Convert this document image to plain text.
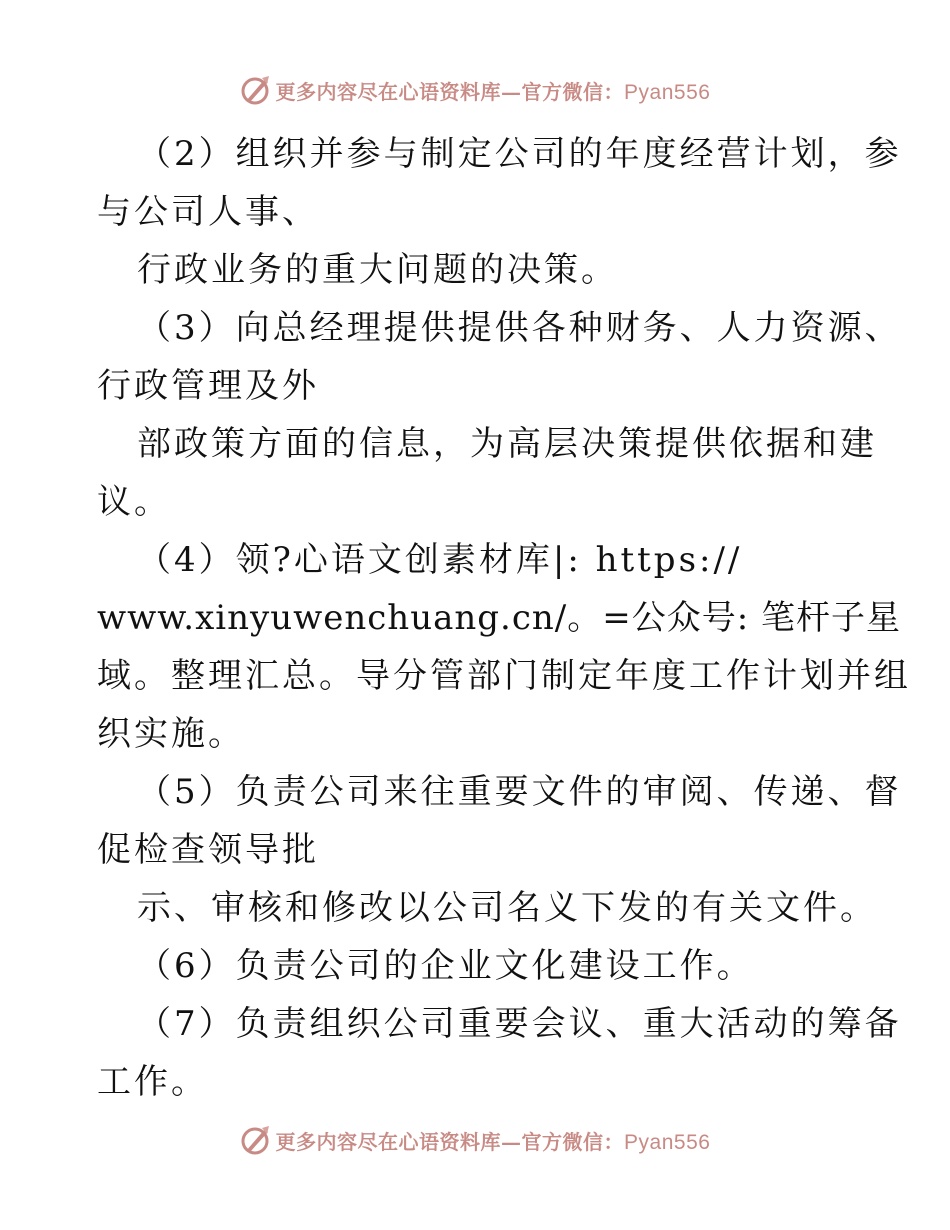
更多内容尽在心语资料库—官方微信：Pyan556
（2）组织并参与制定公司的年度经营计划，参
与公司人事、
行政业务的重大问题的决策。
（3）向总经理提供提供各种财务、人力资源、
行政管理及外
部政策方面的信息，为高层决策提供依据和建
议。
（4）领?心语文创素材库|: https://
www.xinyuwenchuang.cn/。=公众号: 笔杆子星
域。整理汇总。导分管部门制定年度工作计划并组
织实施。
（5）负责公司来往重要文件的审阅、传递、督
促检查领导批
示、审核和修改以公司名义下发的有关文件。
（6）负责公司的企业文化建设工作。
（7）负责组织公司重要会议、重大活动的筹备
工作。
更多内容尽在心语资料库—官方微信：Pyan556
